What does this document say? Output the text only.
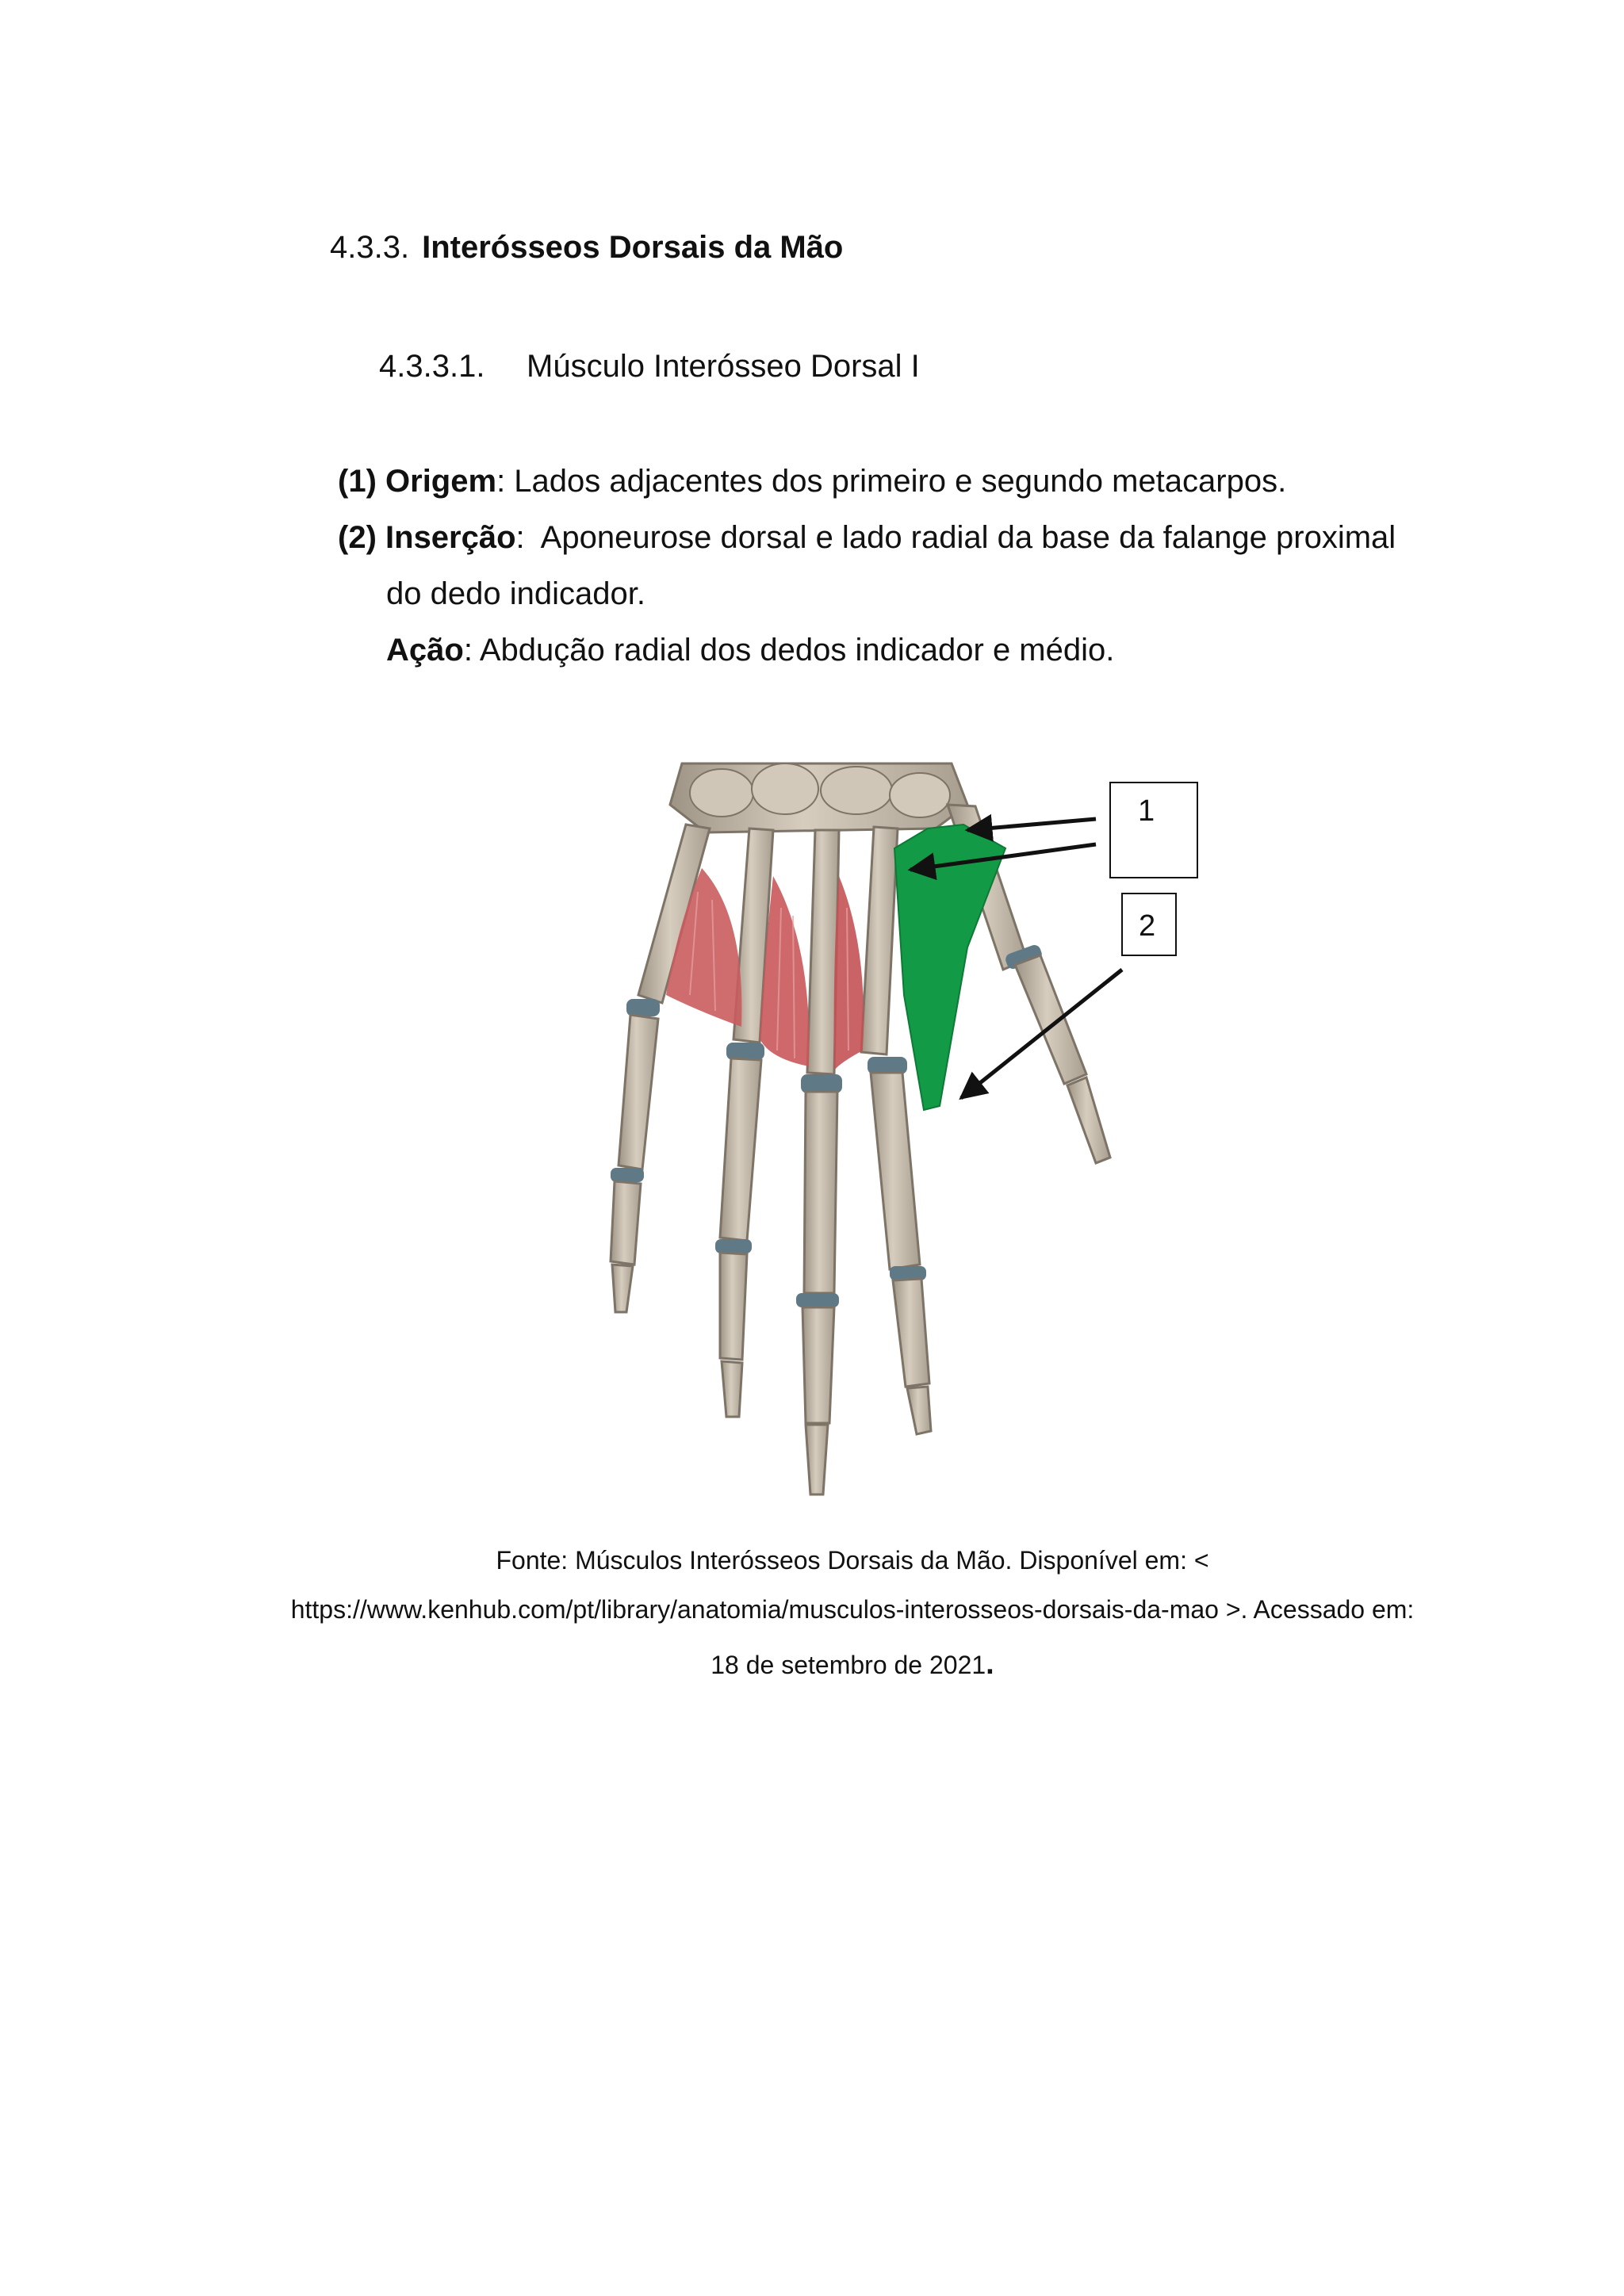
4.3.3. Interósseos Dorsais da Mão
4.3.3.1. Músculo Interósseo Dorsal I
(1) Origem: Lados adjacentes dos primeiro e segundo metacarpos.
(2) Inserção:  Aponeurose dorsal e lado radial da base da falange proximal
do dedo indicador.
Ação: Abdução radial dos dedos indicador e médio.
1
2
Fonte: Músculos Interósseos Dorsais da Mão. Disponível em: <
https://www.kenhub.com/pt/library/anatomia/musculos-interosseos-dorsais-da-mao >. Acessado em:
18 de setembro de 2021.
